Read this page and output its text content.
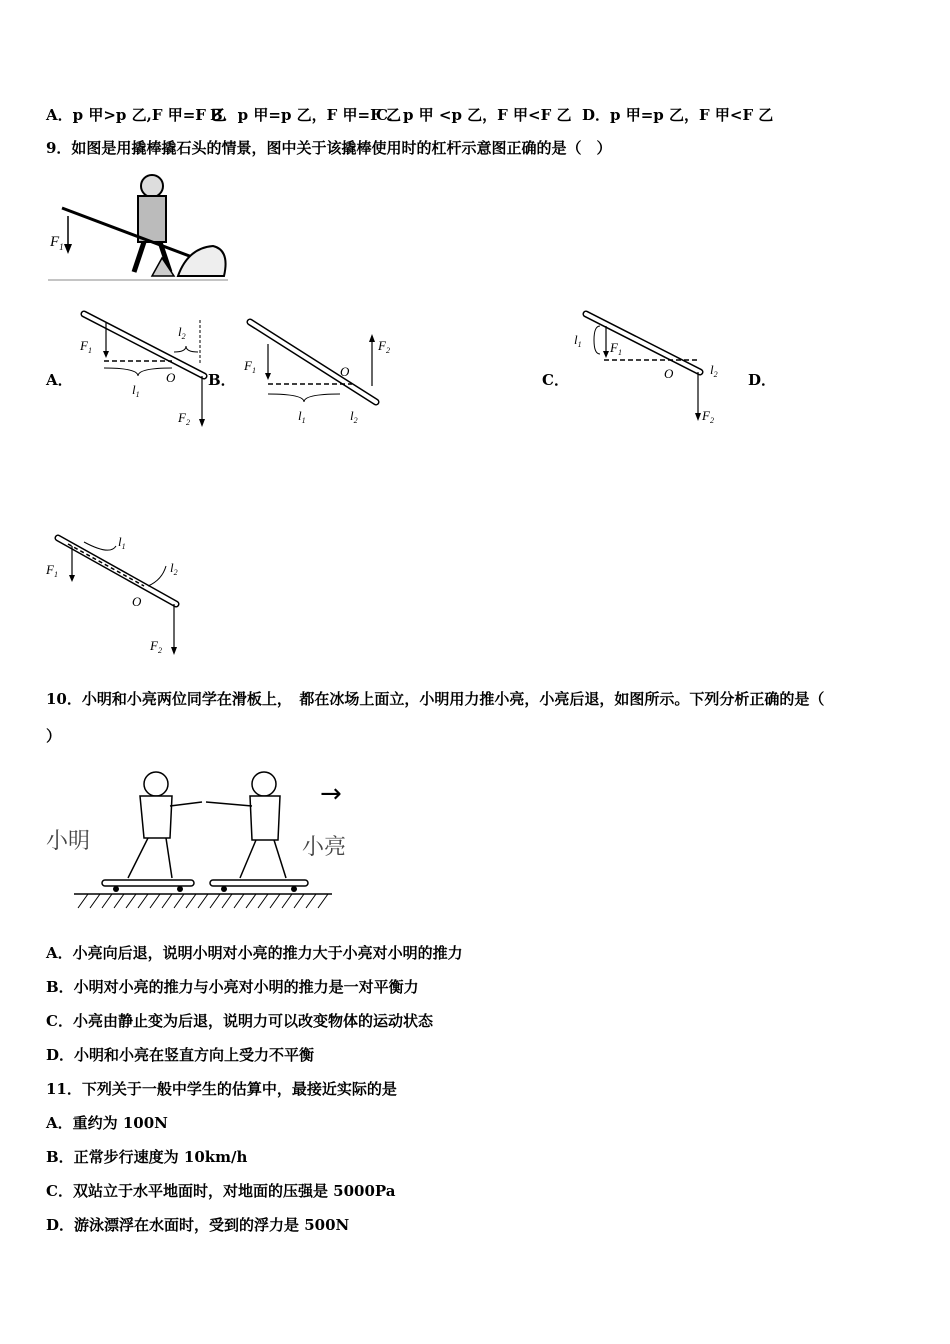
A．p 甲>p 乙,F 甲=F 乙
B．p 甲=p 乙，F 甲=F 乙
C．p 甲 <p 乙，F 甲<F 乙 D．p 甲=p 乙，F 甲<F 乙
9．如图是用撬棒撬石头的情景，图中关于该撬棒使用时的杠杆示意图正确的是（　）
$F_1$
A．	B．	C．	D．
$F_1$
$l_1$
O
$l_2$
$F_2$
$F_1$
$l_1$
O
$F_2$
$l_2$
$F_1$
$l_1$
O
$F_2$
$l_2$
$F_1$
$l_1$
$l_2$
O
$F_2$
10．小明和小亮两位同学在滑板上，　都在冰场上面立，小明用力推小亮，小亮后退，如图所示。下列分析正确的是（
）
小明	小亮
→
A．小亮向后退，说明小明对小亮的推力大于小亮对小明的推力
B．小明对小亮的推力与小亮对小明的推力是一对平衡力
C．小亮由静止变为后退，说明力可以改变物体的运动状态
D．小明和小亮在竖直方向上受力不平衡
11．下列关于一般中学生的估算中，最接近实际的是
A．重约为 100N
B．正常步行速度为 10km/h
C．双站立于水平地面时，对地面的压强是 5000Pa
D．游泳漂浮在水面时，受到的浮力是 500N
